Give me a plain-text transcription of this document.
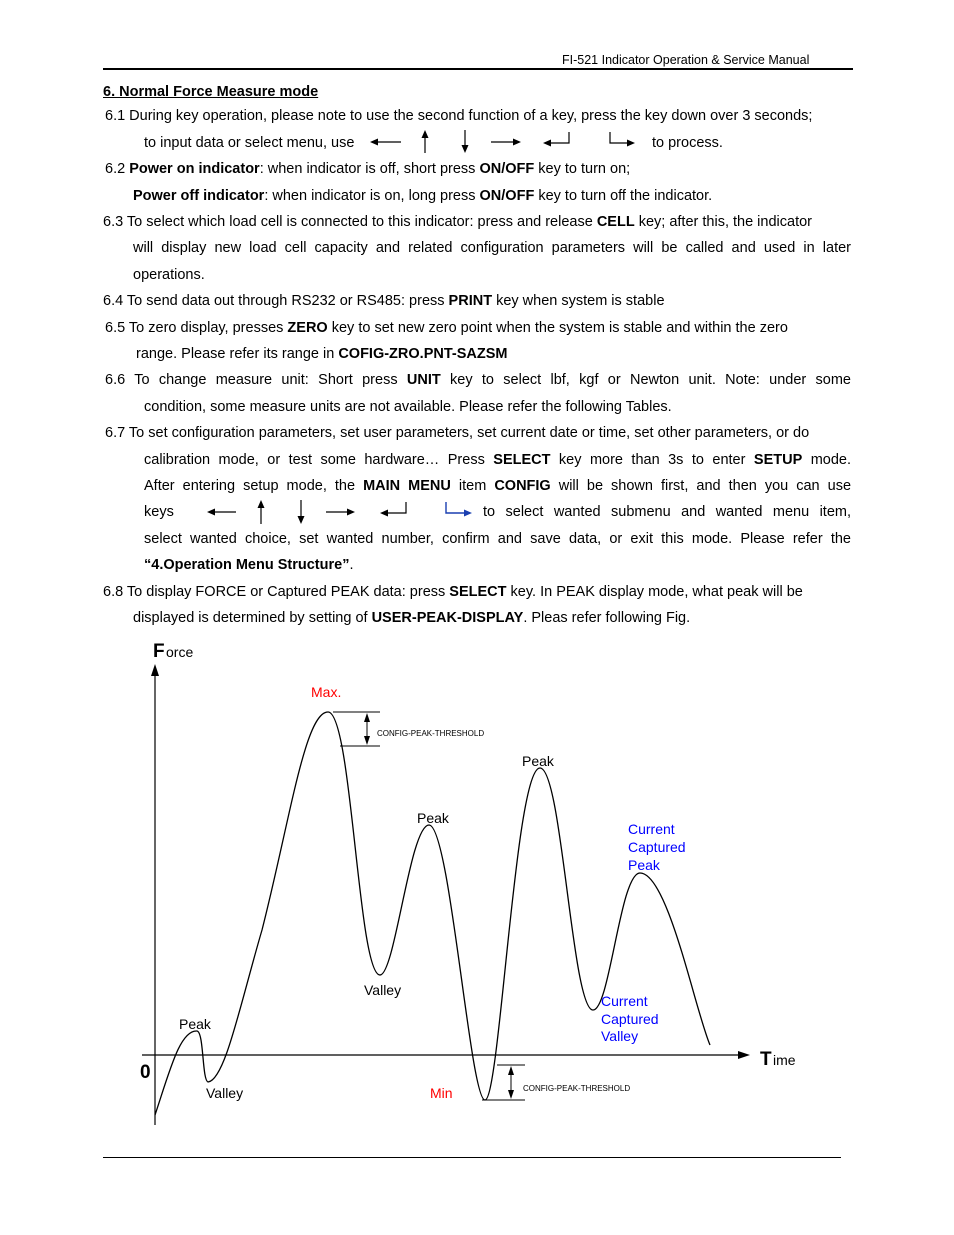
FI-521 Indicator Operation & Service Manual
6. Normal Force Measure mode
6.1 During key operation, please note to use the second function of a key, press the key down over 3 seconds;
to input data or select menu, use	to process.
6.2 Power on indicator: when indicator is off, short press ON/OFF key to turn on;
Power off indicator: when indicator is on, long press ON/OFF key to turn off the indicator.
6.3 To select which load cell is connected to this indicator: press and release CELL key; after this, the indicator
will display new load cell capacity and related configuration parameters will be called and used in later
operations.
6.4 To send data out through RS232 or RS485: press PRINT key when system is stable
6.5 To zero display, presses ZERO key to set new zero point when the system is stable and within the zero
range. Please refer its range in COFIG-ZRO.PNT-SAZSM
6.6 To change measure unit: Short press UNIT key to select lbf, kgf or Newton unit. Note: under some
condition, some measure units are not available. Please refer the following Tables.
6.7 To set configuration parameters, set user parameters, set current date or time, set other parameters, or do
calibration mode, or test some hardware… Press SELECT key more than 3s to enter SETUP mode.
After entering setup mode, the MAIN MENU item CONFIG will be shown first, and then you can use
keys	to select wanted submenu and wanted menu item,
select wanted choice, set wanted number, confirm and save data, or exit this mode. Please refer the
“4.Operation Menu Structure”.
6.8 To display FORCE or Captured PEAK data: press SELECT key. In PEAK display mode, what peak will be
displayed is determined by setting of USER-PEAK-DISPLAY. Pleas refer following Fig.
F orce
T ime
0
CONFIG-PEAK-THRESHOLD
CONFIG-PEAK-THRESHOLD
Max.
Min
Peak
Valley
Peak
Valley
Peak
Current
Captured
Peak
Current
Captured
Valley
